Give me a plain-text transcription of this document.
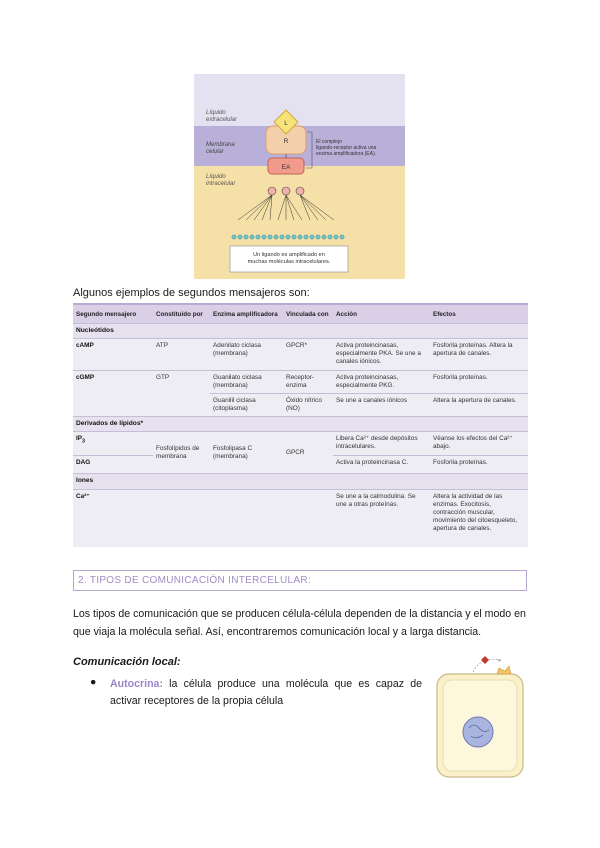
Líquido extracelular
Membrana celular
Líquido intracelular
R
L
EA
El complejo ligando-receptor activa una enzima amplificadora (EA).
Un ligando es amplificado en muchas moléculas intracelulares.
Algunos ejemplos de segundos mensajeros son:
Segundo mensajero	Constituido por	Enzima amplificadora	Vinculada con	Acción	Efectos
Nucleótidos					
cAMP	ATP	Adenilato ciclasa (membrana)	GPCR*	Activa proteincinasas, especialmente PKA. Se une a canales iónicos.	Fosforila proteínas. Altera la apertura de canales.
cGMP	GTP	Guanilato ciclasa (membrana)	Receptor-enzima	Activa proteincinasas, especialmente PKG.	Fosforila proteínas.
		Guanilil ciclasa (citoplasma)	Óxido nítrico (NO)	Se une a canales iónicos	Altera la apertura de canales.
Derivados de lípidos*					
$IP_3$	Fosfolípidos de membrana	Fosfolipasa C (membrana)	GPCR	Libera Ca²⁺ desde depósitos intracelulares.	Véanse los efectos del Ca²⁺ abajo.
DAG				Activa la proteincinasa C.	Fosforila proteínas.
Iones					
Ca²⁺				Se une a la calmodulina. Se une a otras proteínas.	Altera la actividad de las enzimas. Exocitosis, contracción muscular, movimiento del citoesqueleto, apertura de canales.
2. TIPOS DE COMUNICACIÓN INTERCELULAR:
Los tipos de comunicación que se producen célula-célula dependen de la distancia y el modo en que viaja la molécula señal. Así, encontraremos comunicación local y a larga distancia.
Comunicación local:
● Autocrina: la célula produce una molécula que es capaz de activar receptores de la propia célula
